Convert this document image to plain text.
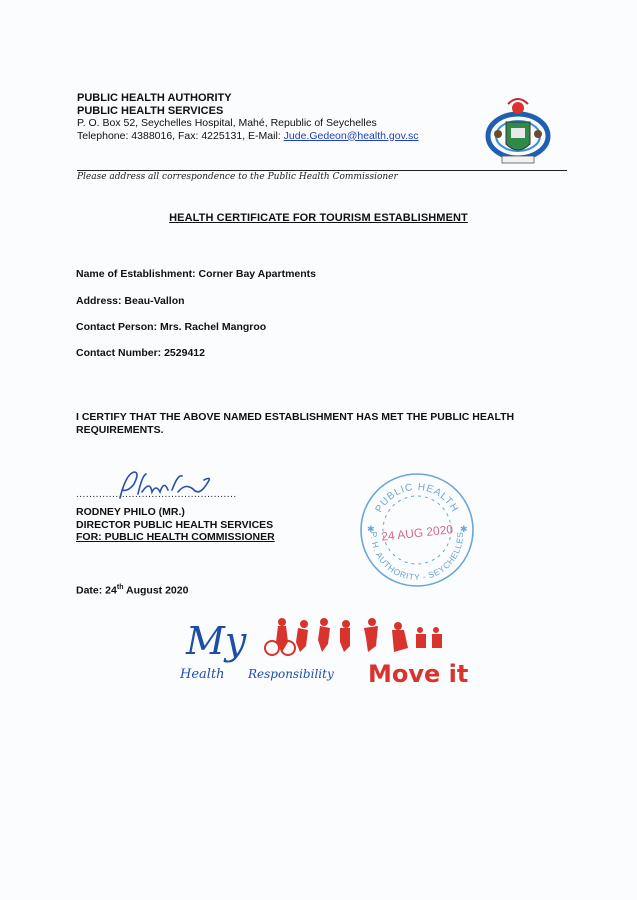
PUBLIC HEALTH AUTHORITY
PUBLIC HEALTH SERVICES
P. O. Box 52, Seychelles Hospital, Mahé, Republic of Seychelles
Telephone: 4388016, Fax: 4225131, E-Mail: Jude.Gedeon@health.gov.sc
Please address all correspondence to the Public Health Commissioner
HEALTH CERTIFICATE FOR TOURISM ESTABLISHMENT
Name of Establishment: Corner Bay Apartments
Address: Beau-Vallon
Contact Person: Mrs. Rachel Mangroo
Contact Number: 2529412
I CERTIFY THAT THE ABOVE NAMED ESTABLISHMENT HAS MET THE PUBLIC HEALTH REQUIREMENTS.
.................................................
RODNEY PHILO (MR.)
DIRECTOR PUBLIC HEALTH SERVICES
FOR: PUBLIC HEALTH COMMISSIONER
PUBLIC HEALTH
P. H. AUTHORITY - SEYCHELLES
24 AUG 2020
✱	✱
Date: 24th August 2020
My
Health Responsibility Move it
